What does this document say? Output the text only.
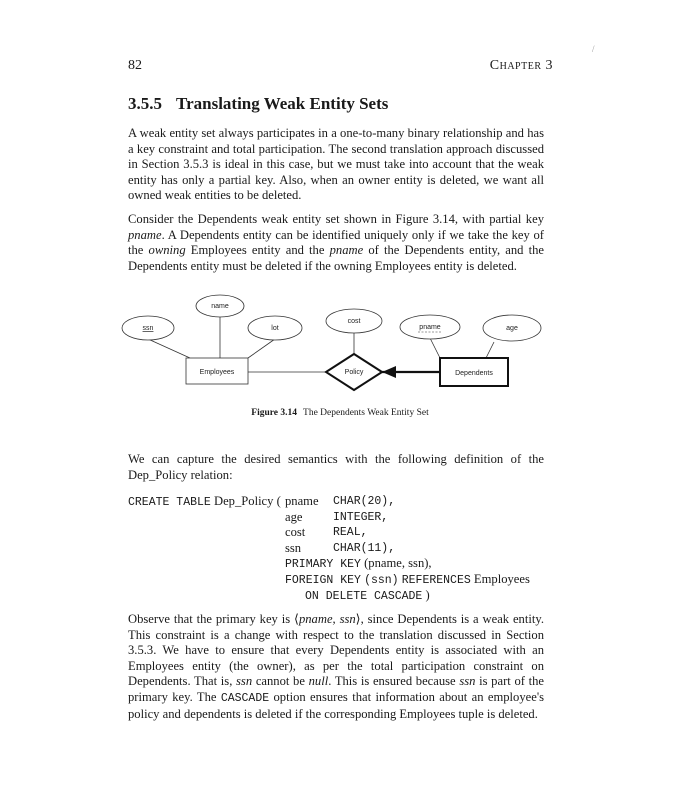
/
82	Chapter 3
3.5.5 Translating Weak Entity Sets
A weak entity set always participates in a one-to-many binary relationship and has a key constraint and total participation. The second translation approach discussed in Section 3.5.3 is ideal in this case, but we must take into account that the weak entity has only a partial key. Also, when an owner entity is deleted, we want all owned weak entities to be deleted.
Consider the Dependents weak entity set shown in Figure 3.14, with partial key pname. A Dependents entity can be identified uniquely only if we take the key of the owning Employees entity and the pname of the Dependents entity, and the Dependents entity must be deleted if the owning Employees entity is deleted.
ssn
name
lot
cost
pname	age
Employees	Dependents
Policy
Figure 3.14 The Dependents Weak Entity Set
We can capture the desired semantics with the following definition of the Dep_Policy relation:
CREATE TABLE Dep_Policy ( pname CHAR(20),
age	INTEGER,
cost REAL,
ssn	CHAR(11),
PRIMARY KEY (pname, ssn),
FOREIGN KEY (ssn) REFERENCES Employees
ON DELETE CASCADE )
Observe that the primary key is ⟨pname, ssn⟩, since Dependents is a weak entity. This constraint is a change with respect to the translation discussed in Section 3.5.3. We have to ensure that every Dependents entity is associated with an Employees entity (the owner), as per the total participation constraint on Dependents. That is, ssn cannot be null. This is ensured because ssn is part of the primary key. The CASCADE option ensures that information about an employee's policy and dependents is deleted if the corresponding Employees tuple is deleted.
